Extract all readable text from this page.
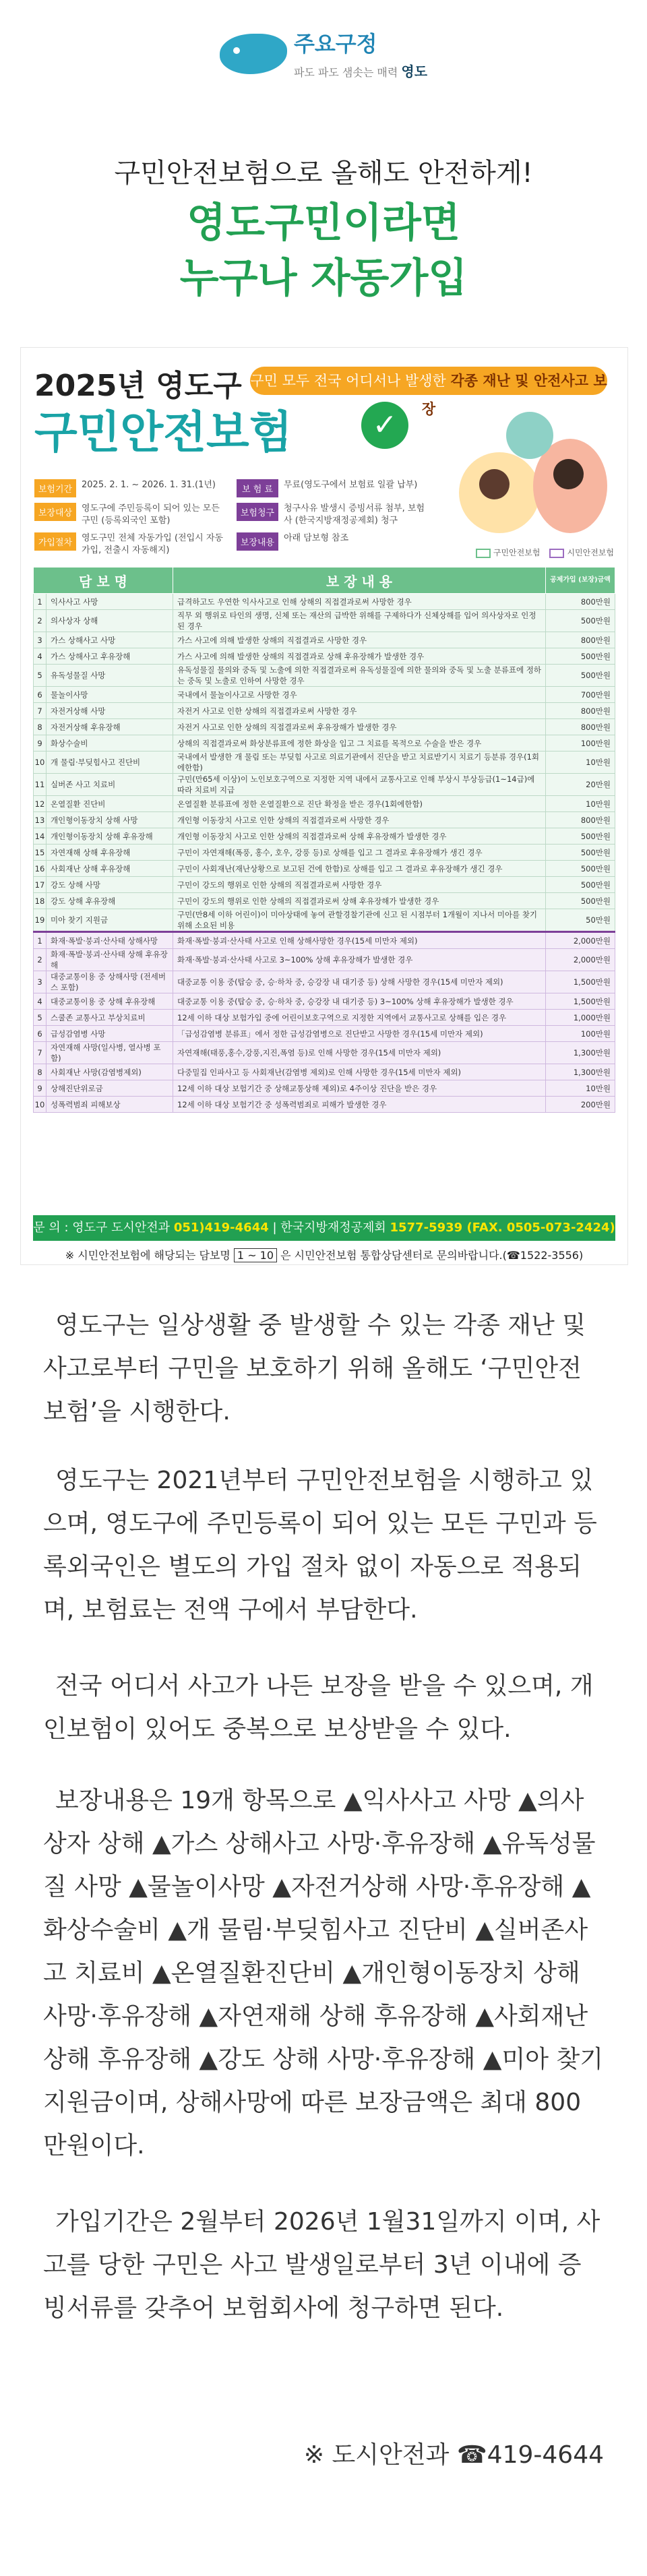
주요구정
파도 파도 샘솟는 매력 영도
구민안전보험으로 올해도 안전하게!
영도구민이라면
누구나 자동가입
2025년 영도구
구민안전보험	✓
구민 모두 전국 어디서나 발생한 각종 재난 및 안전사고 보장
보험기간	2025. 2. 1. ~ 2026. 1. 31.(1년)	보 험 료	무료(영도구에서 보험료 일괄 납부)
보장대상	영도구에 주민등록이 되어 있는 모든 구민 (등록외국인 포함)
보험청구	청구사유 발생시 증빙서류 첨부, 보험사 (한국지방재정공제회) 청구
가입절차	영도구민 전체 자동가입 (전입시 자동가입, 전출시 자동해지)
보장내용	아래 담보형 참조
구민안전보험	시민안전보험
담 보 명		보 장 내 용	공제가입 (보장)금액
1	익사사고 사망	급격하고도 우연한 익사사고로 인해 상해의 직접결과로써 사망한 경우	800만원
2	의사상자 상해	직무 외 행위로 타인의 생명, 신체 또는 재산의 급박한 위해를 구제하다가 신체상해를 입어 의사상자로 인정된 경우	500만원
3	가스 상해사고 사망	가스 사고에 의해 발생한 상해의 직접결과로 사망한 경우	800만원
4	가스 상해사고 후유장해	가스 사고에 의해 발생한 상해의 직접결과로 상해 후유장해가 발생한 경우	500만원
5	유독성물질 사망	유독성물질 물의와 중독 및 노출에 의한 직접결과로써 유독성물질에 의한 물의와 중독 및 노출 분류표에 정하는 중독 및 노출로 인하여 사망한 경우	500만원
6	물놀이사망	국내에서 물놀이사고로 사망한 경우	700만원
7	자전거상해 사망	자전거 사고로 인한 상해의 직접결과로써 사망한 경우	800만원
8	자전거상해 후유장해	자전거 사고로 인한 상해의 직접결과로써 후유장해가 발생한 경우	800만원
9	화상수술비	상해의 직접결과로써 화상분류표에 정한 화상을 입고 그 치료를 목적으로 수술을 받은 경우	100만원
10	개 물림·부딪힘사고 진단비	국내에서 발생한 개 물림 또는 부딪힘 사고로 의료기관에서 진단을 받고 치료받기시 치료기 등분류 경우(1회에한함)	10만원
11	실버존 사고 치료비	구민(만65세 이상)이 노인보호구역으로 지정한 지역 내에서 교통사고로 인해 부상시 부상등급(1~14급)에 따라 치료비 지급	20만원
12	온열질환 진단비	온열질환 분류표에 정한 온열질환으로 진단 확정을 받은 경우(1회에한함)	10만원
13	개인형이동장치 상해 사망	개인형 이동장치 사고로 인한 상해의 직접결과로써 사망한 경우	800만원
14	개인형이동장치 상해 후유장해	개인형 이동장치 사고로 인한 상해의 직접결과로써 상해 후유장해가 발생한 경우	500만원
15	자연재해 상해 후유장해	구민이 자연재해(폭풍, 홍수, 호우, 강풍 등)로 상해를 입고 그 결과로 후유장해가 생긴 경우	500만원
16	사회재난 상해 후유장해	구민이 사회재난(재난상황으로 보고된 건에 한함)로 상해를 입고 그 결과로 후유장해가 생긴 경우	500만원
17	강도 상해 사망	구민이 강도의 행위로 인한 상해의 직접결과로써 사망한 경우	500만원
18	강도 상해 후유장해	구민이 강도의 행위로 인한 상해의 직접결과로써 상해 후유장해가 발생한 경우	500만원
19	미아 찾기 지원금	구민(만8세 이하 어린이)이 미아상태에 놓여 관할경찰기관에 신고 된 시점부터 1개월이 지나서 미아를 찾기 위해 소요된 비용	50만원
1	화재·폭발·붕괴·산사태 상해사망	화재·폭발·붕괴·산사태 사고로 인해 상해사망한 경우(15세 미만자 제외)	2,000만원
2	화재·폭발·붕괴·산사태 상해 후유장해	화재·폭발·붕괴·산사태 사고로 3~100% 상해 후유장해가 발생한 경우	2,000만원
3	대중교통이용 중 상해사망 (전세버스 포함)	대중교통 이용 중(탑승 중, 승·하차 중, 승강장 내 대기중 등) 상해 사망한 경우(15세 미만자 제외)	1,500만원
4	대중교통이용 중 상해 후유장해	대중교통 이용 중(탑승 중, 승·하차 중, 승강장 내 대기중 등) 3~100% 상해 후유장해가 발생한 경우	1,500만원
5	스쿨존 교통사고 부상치료비	12세 이하 대상 보험가입 중에 어린이보호구역으로 지정한 지역에서 교통사고로 상해를 입은 경우	1,000만원
6	급성감염병 사망	「급성감염병 분류표」에서 정한 급성감염병으로 진단받고 사망한 경우(15세 미만자 제외)	100만원
7	자연재해 사망(일사병, 열사병 포함)	자연재해(태풍,홍수,강풍,지진,폭염 등)로 인해 사망한 경우(15세 미만자 제외)	1,300만원
8	사회재난 사망(감염병제외)	다중밀집 인파사고 등 사회재난(감염병 제외)로 인해 사망한 경우(15세 미만자 제외)	1,300만원
9	상해진단위로금	12세 이하 대상 보험기간 중 상해교통상해 제외)로 4주이상 진단을 받은 경우	10만원
10	성폭력범죄 피해보상	12세 이하 대상 보험기간 중 성폭력범죄로 피해가 발생한 경우	200만원
문 의 : 영도구 도시안전과 051)419-4644 | 한국지방재정공제회 1577-5939 (FAX. 0505-073-2424)
※ 시민안전보험에 해당되는 담보명 1 ~ 10 은 시민안전보험 통합상담센터로 문의바랍니다.(☎1522-3556)

영도구는 일상생활 중 발생할 수 있는 각종 재난 및 사고로부터 구민을 보호하기 위해 올해도 ‘구민안전보험’을 시행한다.

영도구는 2021년부터 구민안전보험을 시행하고 있으며, 영도구에 주민등록이 되어 있는 모든 구민과 등록외국인은 별도의 가입 절차 없이 자동으로 적용되며, 보험료는 전액 구에서 부담한다.

전국 어디서 사고가 나든 보장을 받을 수 있으며, 개인보험이 있어도 중복으로 보상받을 수 있다.

보장내용은 19개 항목으로 ▲익사사고 사망 ▲의사상자 상해 ▲가스 상해사고 사망·후유장해 ▲유독성물질 사망 ▲물놀이사망 ▲자전거상해 사망·후유장해 ▲화상수술비 ▲개 물림·부딪힘사고 진단비 ▲실버존사고 치료비 ▲온열질환진단비 ▲개인형이동장치 상해 사망·후유장해 ▲자연재해 상해 후유장해 ▲사회재난 상해 후유장해 ▲강도 상해 사망·후유장해 ▲미아 찾기 지원금이며, 상해사망에 따른 보장금액은 최대 800만원이다.

가입기간은 2월부터 2026년 1월31일까지 이며, 사고를 당한 구민은 사고 발생일로부터 3년 이내에 증빙서류를 갖추어 보험회사에 청구하면 된다.

※ 도시안전과 ☎419-4644
